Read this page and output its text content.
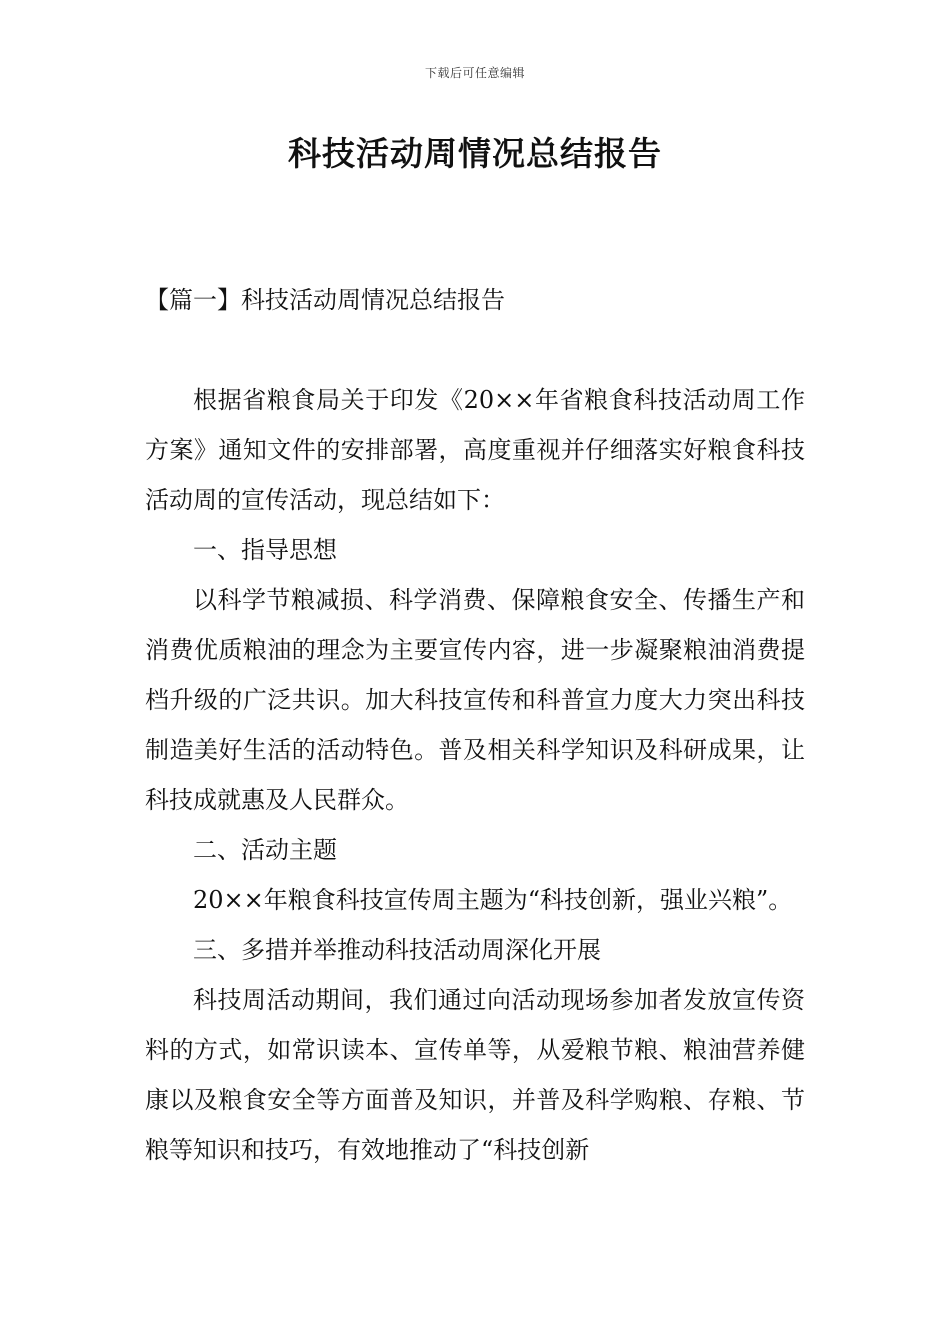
下载后可任意编辑
科技活动周情况总结报告
【篇一】科技活动周情况总结报告

根据省粮食局关于印发《20××年省粮食科技活动周工作方案》通知文件的安排部署，高度重视并仔细落实好粮食科技活动周的宣传活动，现总结如下：

一、指导思想

以科学节粮减损、科学消费、保障粮食安全、传播生产和消费优质粮油的理念为主要宣传内容，进一步凝聚粮油消费提档升级的广泛共识。加大科技宣传和科普宣力度大力突出科技制造美好生活的活动特色。普及相关科学知识及科研成果，让科技成就惠及人民群众。

二、活动主题

20××年粮食科技宣传周主题为“科技创新，强业兴粮”。

三、多措并举推动科技活动周深化开展

科技周活动期间，我们通过向活动现场参加者发放宣传资料的方式，如常识读本、宣传单等，从爱粮节粮、粮油营养健康以及粮食安全等方面普及知识，并普及科学购粮、存粮、节粮等知识和技巧，有效地推动了“科技创新
